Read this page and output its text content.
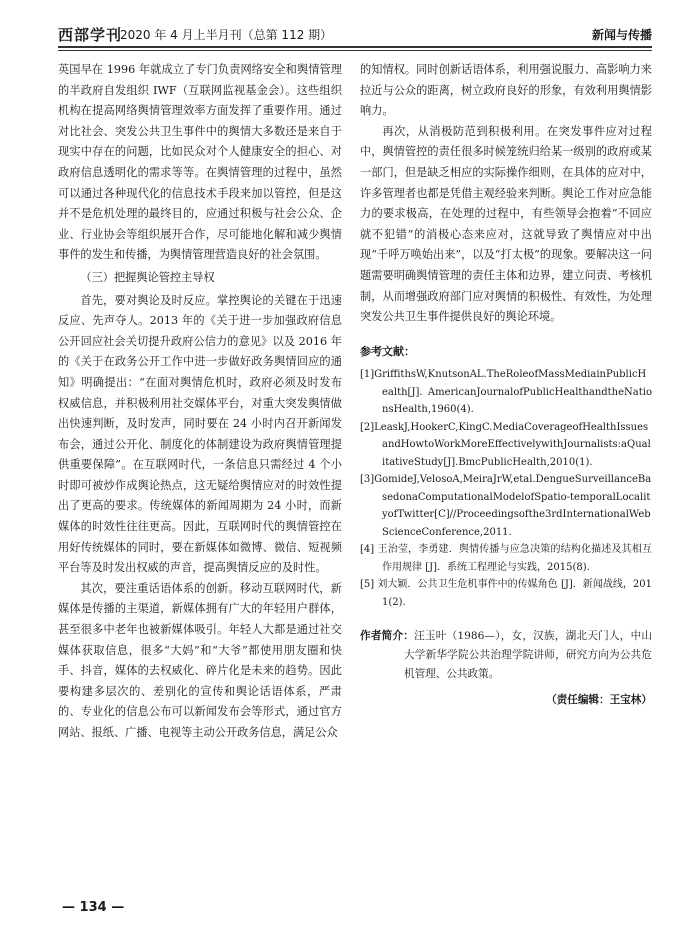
西部学刊
2020 年 4 月上半月刊（总第 112 期）	新闻与传播

英国早在 1996 年就成立了专门负责网络安全和舆情管理的半政府自发组织 IWF（互联网监视基金会）。这些组织机构在提高网络舆情管理效率方面发挥了重要作用。通过对比社会、突发公共卫生事件中的舆情大多数还是来自于现实中存在的问题，比如民众对个人健康安全的担心、对政府信息透明化的需求等等。在舆情管理的过程中，虽然可以通过各种现代化的信息技术手段来加以管控，但是这并不是危机处理的最终目的，应通过积极与社会公众、企业、行业协会等组织展开合作，尽可能地化解和减少舆情事件的发生和传播，为舆情管理营造良好的社会氛围。

（三）把握舆论管控主导权

首先，要对舆论及时反应。掌控舆论的关键在于迅速反应、先声夺人。2013 年的《关于进一步加强政府信息公开回应社会关切提升政府公信力的意见》以及 2016 年的《关于在政务公开工作中进一步做好政务舆情回应的通知》明确提出：“在面对舆情危机时，政府必须及时发布权威信息，并积极利用社交媒体平台，对重大突发舆情做出快速判断，及时发声，同时要在 24 小时内召开新闻发布会，通过公开化、制度化的体制建设为政府舆情管理提供重要保障”。在互联网时代，一条信息只需经过 4 个小时即可被炒作成舆论热点，这无疑给舆情应对的时效性提出了更高的要求。传统媒体的新闻周期为 24 小时，而新媒体的时效性往往更高。因此，互联网时代的舆情管控在用好传统媒体的同时，要在新媒体如微博、微信、短视频平台等及时发出权威的声音，提高舆情反应的及时性。

其次，要注重话语体系的创新。移动互联网时代，新媒体是传播的主渠道，新媒体拥有广大的年轻用户群体，甚至很多中老年也被新媒体吸引。年轻人大都是通过社交媒体获取信息，很多“大妈”和“大爷”都使用朋友圈和快手、抖音，媒体的去权威化、碎片化是未来的趋势。因此要构建多层次的、差别化的宣传和舆论话语体系，严肃的、专业化的信息公布可以新闻发布会等形式，通过官方网站、报纸、广播、电视等主动公开政务信息，满足公众

的知情权。同时创新话语体系，利用强说服力、高影响力来拉近与公众的距离，树立政府良好的形象，有效利用舆情影响力。

再次，从消极防范到积极利用。在突发事件应对过程中，舆情管控的责任很多时候笼统归给某一级别的政府或某一部门，但是缺乏相应的实际操作细则，在具体的应对中，许多管理者也都是凭借主观经验来判断。舆论工作对应急能力的要求极高，在处理的过程中，有些领导会抱着“不回应就不犯错”的消极心态来应对，这就导致了舆情应对中出现“千呼万唤始出来”，以及“打太极”的现象。要解决这一问题需要明确舆情管理的责任主体和边界，建立问责、考核机制，从而增强政府部门应对舆情的积极性、有效性，为处理突发公共卫生事件提供良好的舆论环境。

参考文献：
[1]GriffithsW,KnutsonAL.TheRoleofMassMediainPublicHealth[J]. AmericanJournalofPublicHealthandtheNationsHealth,1960(4).
[2]LeaskJ,HookerC,KingC.MediaCoverageofHealthIssuesandHowtoWorkMoreEffectivelywithJournalists:aQualitativeStudy[J].BmcPublicHealth,2010(1).
[3]GomideJ,VelosoA,MeiraJrW,etal.DengueSurveillanceBasedonaComputationalModelofSpatio-temporalLocalityofTwitter[C]//Proceedingsofthe3rdInternationalWebScienceConference,2011.
[4] 王治莹，李勇建．舆情传播与应急决策的结构化描述及其相互作用规律 [J]．系统工程理论与实践，2015(8).
[5] 刘大颖．公共卫生危机事件中的传媒角色 [J]．新闻战线，2011(2).
作者简介：汪玉叶（1986—），女，汉族，湖北天门人，中山大学新华学院公共治理学院讲师，研究方向为公共危机管理、公共政策。
（责任编辑：王宝林）
— 134 —
